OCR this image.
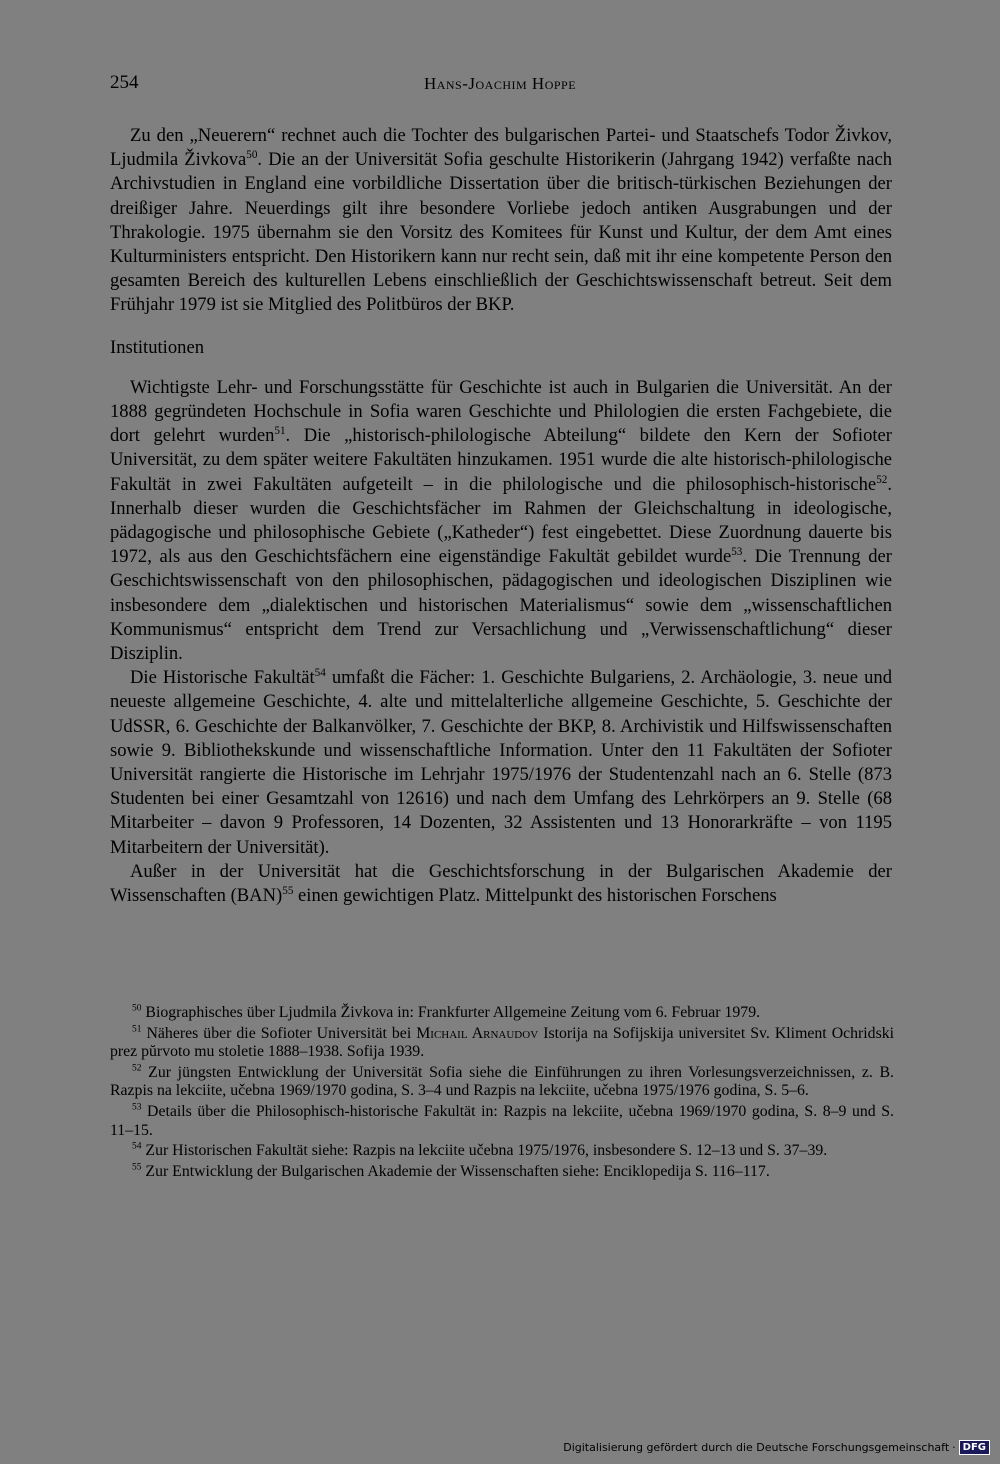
254	Hans-Joachim Hoppe

Zu den „Neuerern“ rechnet auch die Tochter des bulgarischen Partei- und Staatschefs Todor Živkov, Ljudmila Živkova$^{50}$. Die an der Universität Sofia geschulte Historikerin (Jahrgang 1942) verfaßte nach Archivstudien in England eine vorbildliche Dissertation über die britisch-türkischen Beziehungen der dreißiger Jahre. Neuerdings gilt ihre besondere Vorliebe jedoch antiken Ausgrabungen und der Thrakologie. 1975 übernahm sie den Vorsitz des Komitees für Kunst und Kultur, der dem Amt eines Kulturministers entspricht. Den Historikern kann nur recht sein, daß mit ihr eine kompetente Person den gesamten Bereich des kulturellen Lebens einschließlich der Geschichtswissenschaft betreut. Seit dem Frühjahr 1979 ist sie Mitglied des Politbüros der BKP.

Institutionen

Wichtigste Lehr- und Forschungsstätte für Geschichte ist auch in Bulgarien die Universität. An der 1888 gegründeten Hochschule in Sofia waren Geschichte und Philologien die ersten Fachgebiete, die dort gelehrt wurden$^{51}$. Die „historisch-philologische Abteilung“ bildete den Kern der Sofioter Universität, zu dem später weitere Fakultäten hinzukamen. 1951 wurde die alte historisch-philologische Fakultät in zwei Fakultäten aufgeteilt – in die philologische und die philosophisch-historische$^{52}$. Innerhalb dieser wurden die Geschichtsfächer im Rahmen der Gleichschaltung in ideologische, pädagogische und philosophische Gebiete („Katheder“) fest eingebettet. Diese Zuordnung dauerte bis 1972, als aus den Geschichtsfächern eine eigenständige Fakultät gebildet wurde$^{53}$. Die Trennung der Geschichtswissenschaft von den philosophischen, pädagogischen und ideologischen Disziplinen wie insbesondere dem „dialektischen und historischen Materialismus“ sowie dem „wissenschaftlichen Kommunismus“ entspricht dem Trend zur Versachlichung und „Verwissenschaftlichung“ dieser Disziplin.

Die Historische Fakultät$^{54}$ umfaßt die Fächer: 1. Geschichte Bulgariens, 2. Archäologie, 3. neue und neueste allgemeine Geschichte, 4. alte und mittelalterliche allgemeine Geschichte, 5. Geschichte der UdSSR, 6. Geschichte der Balkanvölker, 7. Geschichte der BKP, 8. Archivistik und Hilfswissenschaften sowie 9. Bibliothekskunde und wissenschaftliche Information. Unter den 11 Fakultäten der Sofioter Universität rangierte die Historische im Lehrjahr 1975/1976 der Studentenzahl nach an 6. Stelle (873 Studenten bei einer Gesamtzahl von 12616) und nach dem Umfang des Lehrkörpers an 9. Stelle (68 Mitarbeiter – davon 9 Professoren, 14 Dozenten, 32 Assistenten und 13 Honorarkräfte – von 1195 Mitarbeitern der Universität).

Außer in der Universität hat die Geschichtsforschung in der Bulgarischen Akademie der Wissenschaften (BAN)$^{55}$ einen gewichtigen Platz. Mittelpunkt des historischen Forschens

$^{50}$ Biographisches über Ljudmila Živkova in: Frankfurter Allgemeine Zeitung vom 6. Februar 1979.

$^{51}$ Näheres über die Sofioter Universität bei Michail Arnaudov Istorija na Sofijskija universitet Sv. Kliment Ochridski prez pŭrvoto mu stoletie 1888–1938. Sofija 1939.

$^{52}$ Zur jüngsten Entwicklung der Universität Sofia siehe die Einführungen zu ihren Vorlesungsverzeichnissen, z. B. Razpis na lekciite, učebna 1969/1970 godina, S. 3–4 und Razpis na lekciite, učebna 1975/1976 godina, S. 5–6.

$^{53}$ Details über die Philosophisch-historische Fakultät in: Razpis na lekciite, učebna 1969/1970 godina, S. 8–9 und S. 11–15.

$^{54}$ Zur Historischen Fakultät siehe: Razpis na lekciite učebna 1975/1976, insbesondere S. 12–13 und S. 37–39.

$^{55}$ Zur Entwicklung der Bulgarischen Akademie der Wissenschaften siehe: Enciklopedija S. 116–117.

Digitalisierung gefördert durch die Deutsche Forschungsgemeinschaft · DFG
